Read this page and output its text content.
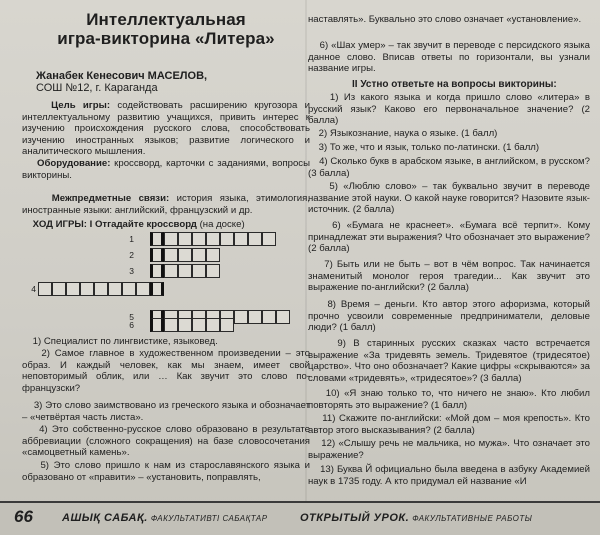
Интеллектуальная
игра-викторина «Литера»
Жанабек Кенесович МАСЕЛОВ,
СОШ №12, г. Караганда
Цель игры: содействовать расширению кругозора и интеллектуальному развитию учащихся, привить интерес к изучению происхождения русского слова, способствовать изучению иностранных языков; развитие логического и аналитического мышления.
Оборудование: кроссворд, карточки с заданиями, вопросы викторины.
Межпредметные связи: история языка, этимология, иностранные языки: английский, французский и др.
ХОД ИГРЫ: I Отгадайте кроссворд (на доске)
1
2
3
4
5
6
1) Специалист по лингвистике, языковед.
2) Самое главное в художественном произведении – это образ. И каждый человек, как мы знаем, имеет свой неповторимый облик, или … Как звучит это слово по-французски?
3) Это слово заимствовано из греческого языка и обозначает – «четвёртая часть листа».
4) Это собственно-русское слово образовано в результате аббревиации (сложного сокращения) на базе словосочетания «самоцветный камень».
5) Это слово пришло к нам из старославянского языка и образовано от «правити» – «установить, поправлять,
наставлять». Буквально это слово означает «установление».
6) «Шах умер» – так звучит в переводе с персидского языка данное слово. Вписав ответы по горизонтали, вы узнали название игры.
II Устно ответьте на вопросы викторины:
1) Из какого языка и когда пришло слово «литера» в русский язык? Каково его первоначальное значение? (2 балла)
2) Языкознание, наука о языке. (1 балл)
3) То же, что и язык, только по-латински. (1 балл)
4) Сколько букв в арабском языке, в английском, в русском? (3 балла)
5) «Люблю слово» – так буквально звучит в переводе название этой науки. О какой науке говорится? Назовите язык-источник. (2 балла)
6) «Бумага не краснеет». «Бумага всё терпит». Кому принадлежат эти выражения? Что обозначает это выражение? (2 балла)
7) Быть или не быть – вот в чём вопрос. Так начинается знаменитый монолог героя трагедии... Как звучит это выражение по-английски? (2 балла)
8) Время – деньги. Кто автор этого афоризма, который прочно усвоили современные предприниматели, деловые люди? (1 балл)
9) В старинных русских сказках часто встречается выражение «За тридевять земель. Тридевятое (тридесятое) царство». Что оно обозначает? Какие цифры «скрываются» за словами «тридевять», «тридесятое»? (3 балла)
10) «Я знаю только то, что ничего не знаю». Кто любил повторять это выражение? (1 балл)
11) Скажите по-английски: «Мой дом – моя крепость». Кто автор этого высказывания? (2 балла)
12) «Слышу речь не мальчика, но мужа». Что означает это выражение?
13) Буква Й официально была введена в азбуку Академией наук в 1735 году. А кто придумал ей название «И
66	АШЫҚ САБАҚ. ФАКУЛЬТАТИВТІ САБАҚТАР	ОТКРЫТЫЙ УРОК. ФАКУЛЬТАТИВНЫЕ РАБОТЫ
